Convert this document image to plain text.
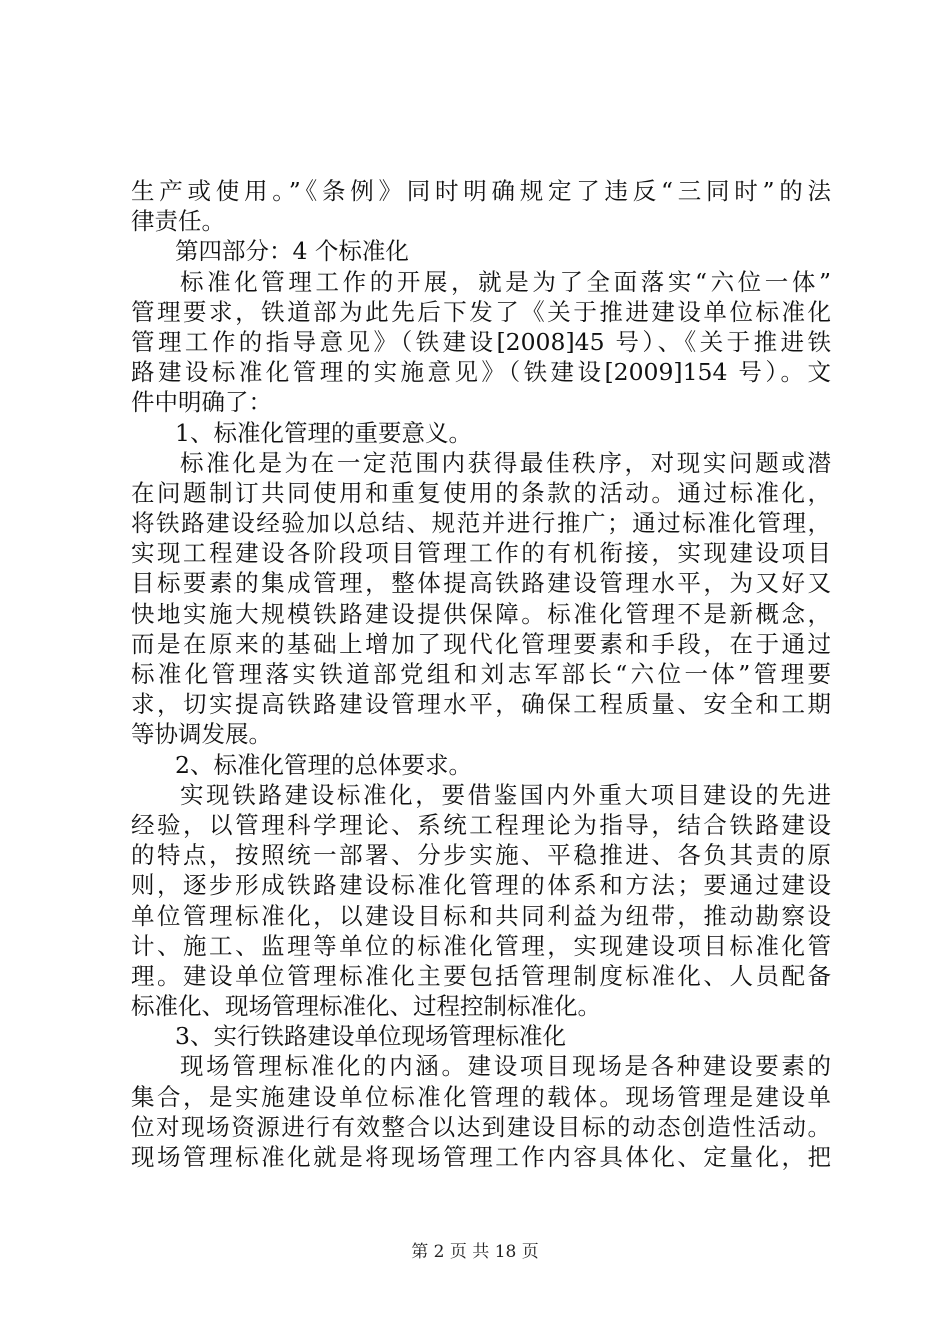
生产或使用。”《条例》同时明确规定了违反“三同时”的法
律责任。
第四部分：4 个标准化
标准化管理工作的开展，就是为了全面落实“六位一体”
管理要求，铁道部为此先后下发了《关于推进建设单位标准化
管理工作的指导意见》（铁建设[2008]45 号）、《关于推进铁
路建设标准化管理的实施意见》（铁建设[2009]154 号）。文
件中明确了：
1、标准化管理的重要意义。
标准化是为在一定范围内获得最佳秩序，对现实问题或潜
在问题制订共同使用和重复使用的条款的活动。通过标准化，
将铁路建设经验加以总结、规范并进行推广；通过标准化管理，
实现工程建设各阶段项目管理工作的有机衔接，实现建设项目
目标要素的集成管理，整体提高铁路建设管理水平，为又好又
快地实施大规模铁路建设提供保障。标准化管理不是新概念，
而是在原来的基础上增加了现代化管理要素和手段，在于通过
标准化管理落实铁道部党组和刘志军部长“六位一体”管理要
求，切实提高铁路建设管理水平，确保工程质量、安全和工期
等协调发展。
2、标准化管理的总体要求。
实现铁路建设标准化，要借鉴国内外重大项目建设的先进
经验，以管理科学理论、系统工程理论为指导，结合铁路建设
的特点，按照统一部署、分步实施、平稳推进、各负其责的原
则，逐步形成铁路建设标准化管理的体系和方法；要通过建设
单位管理标准化，以建设目标和共同利益为纽带，推动勘察设
计、施工、监理等单位的标准化管理，实现建设项目标准化管
理。建设单位管理标准化主要包括管理制度标准化、人员配备
标准化、现场管理标准化、过程控制标准化。
3、实行铁路建设单位现场管理标准化
现场管理标准化的内涵。建设项目现场是各种建设要素的
集合，是实施建设单位标准化管理的载体。现场管理是建设单
位对现场资源进行有效整合以达到建设目标的动态创造性活动。
现场管理标准化就是将现场管理工作内容具体化、定量化，把
第 2 页 共 18 页
